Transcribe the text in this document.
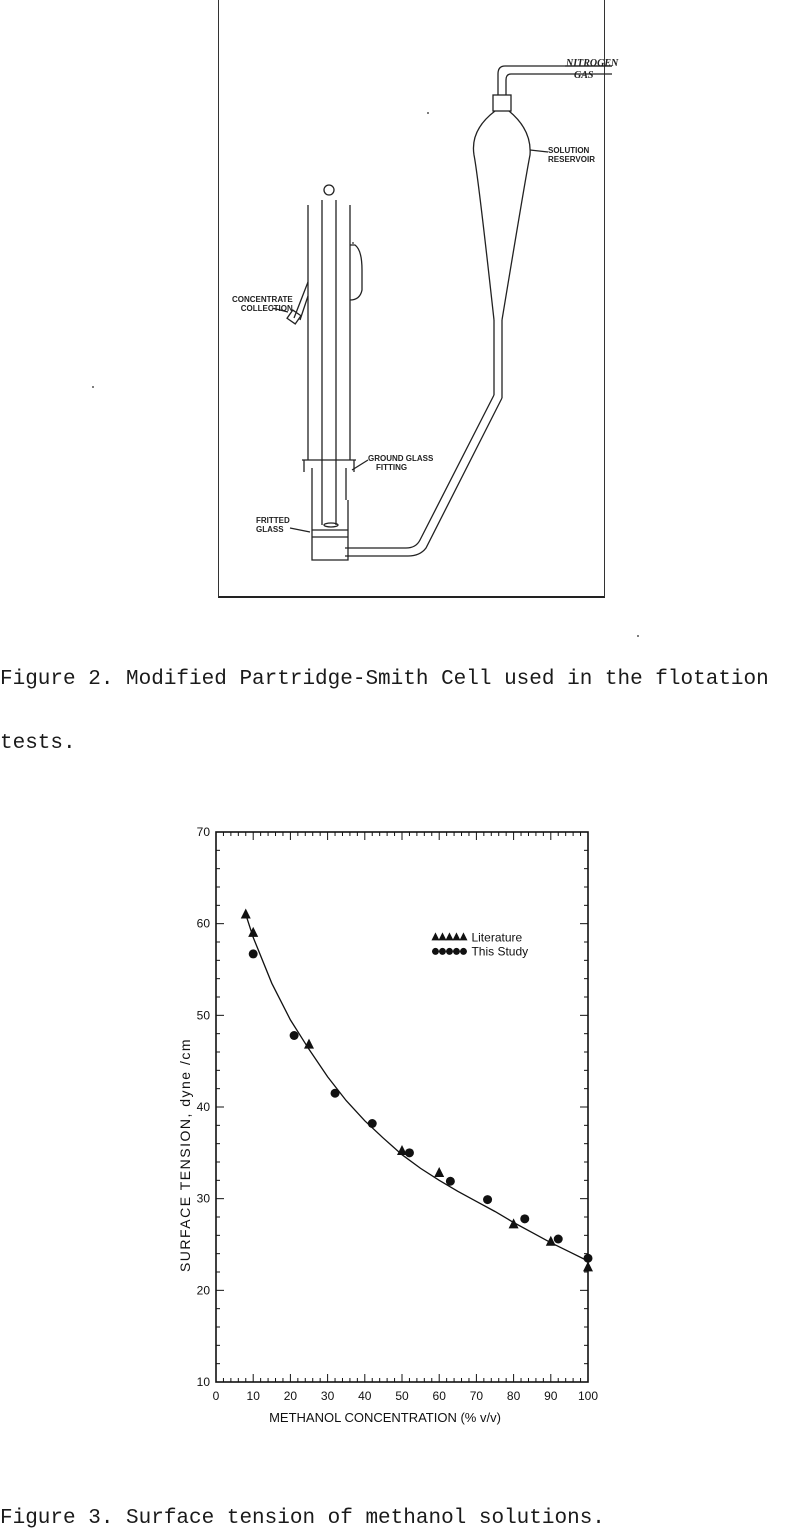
NITROGEN
GAS
SOLUTION
RESERVOIR
CONCENTRATE
COLLECTION
GROUND GLASS
FITTING
FRITTED
GLASS
Figure 2. Modified Partridge-Smith Cell used in the flotation
tests.
0 10 20 30 40 50 60 70 80 90 100
10
20
30
40
50
60
70
Literature
This Study
METHANOL CONCENTRATION (% v/v)
SURFACE TENSION, dyne /cm
Figure 3. Surface tension of methanol solutions.
